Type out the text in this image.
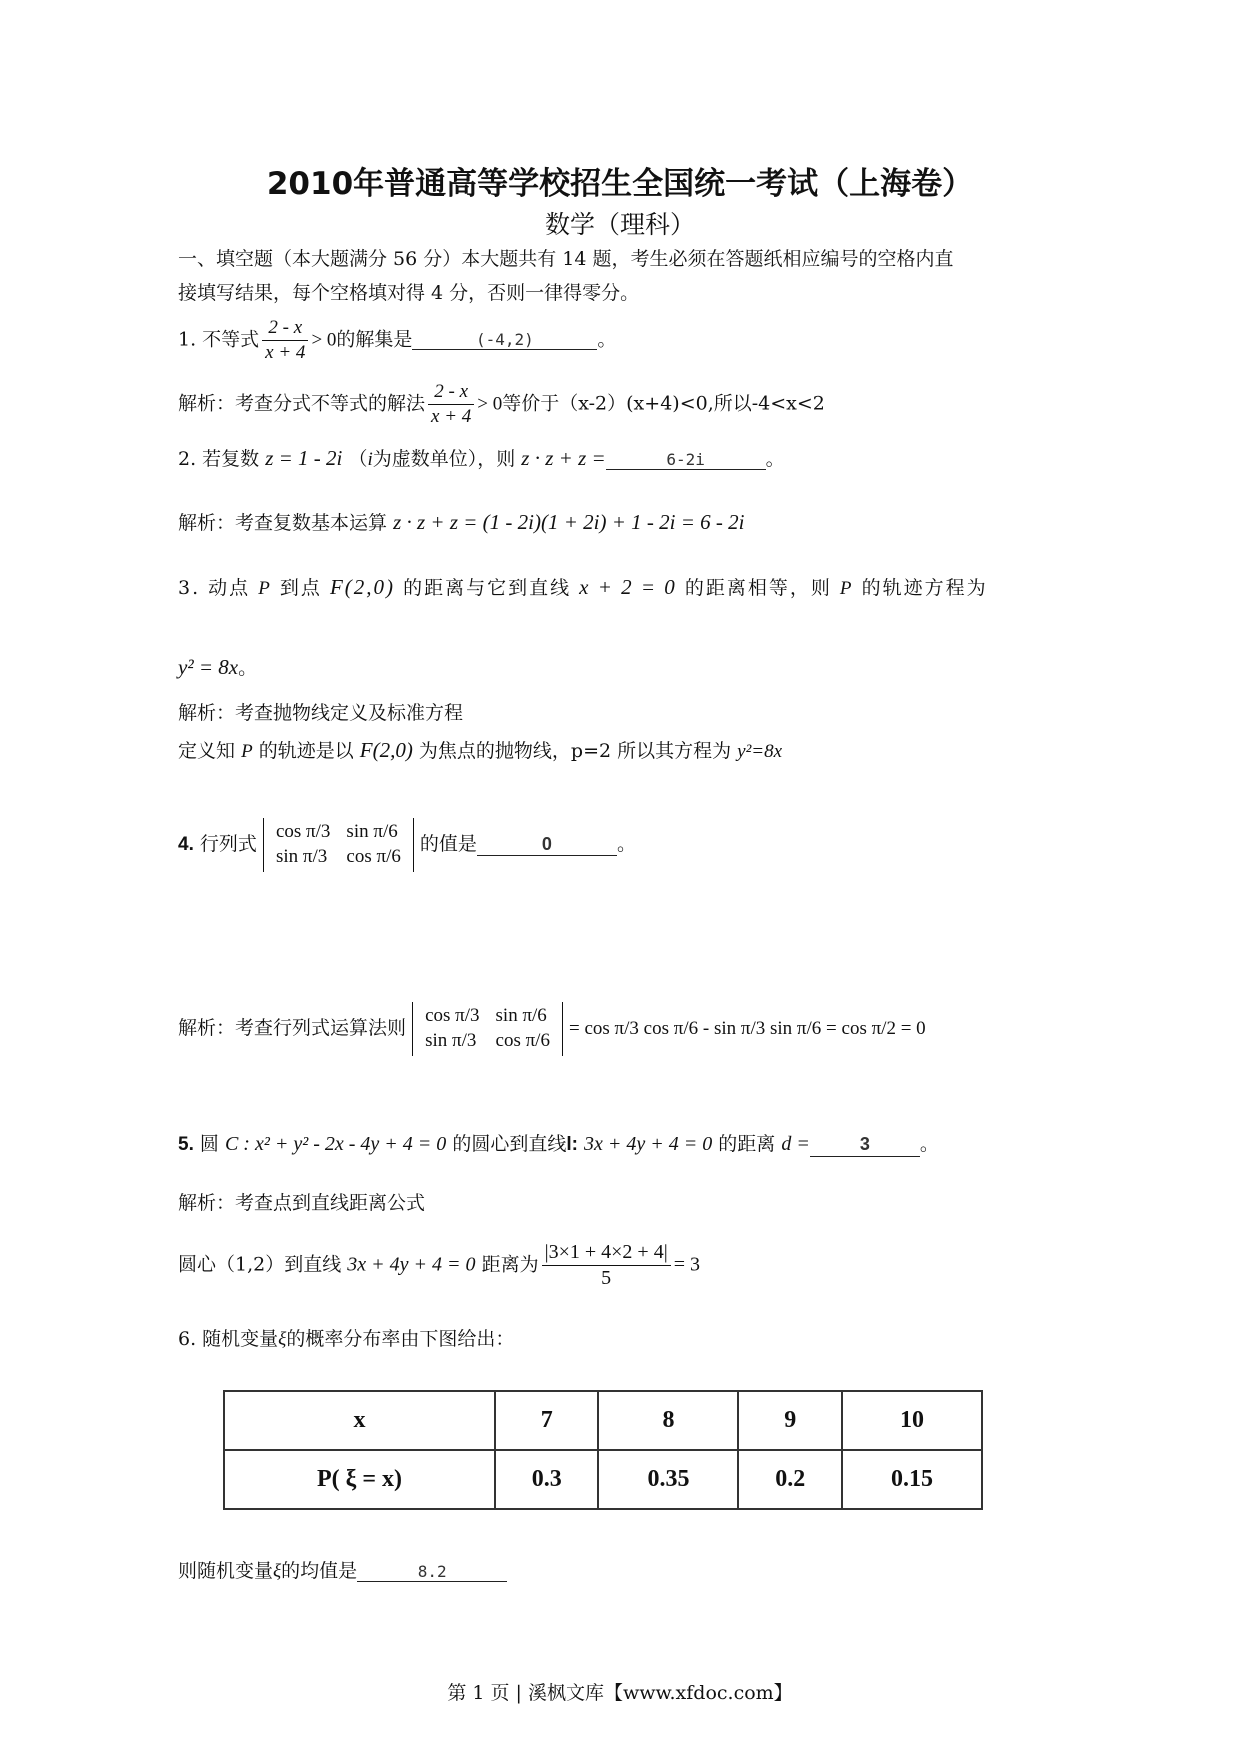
2010年普通高等学校招生全国统一考试（上海卷）
数学（理科）
一、填空题（本大题满分 56 分）本大题共有 14 题，考生必须在答题纸相应编号的空格内直
接填写结果，每个空格填对得 4 分，否则一律得零分。
1. 不等式 $\frac{2 - x}{x + 4} > 0$的解集是	(-4,2)	。
解析：考查分式不等式的解法 $\frac{2 - x}{x + 4} > 0$等价于（x-2）(x+4)<0,所以-4<x<2
2. 若复数 z = 1 - 2i （i为虚数单位），则 z · z + z =	6-2i	。
解析：考查复数基本运算 z · z + z = (1 - 2i)(1 + 2i) + 1 - 2i = 6 - 2i
3. 动点 P 到点 F(2,0) 的距离与它到直线 x + 2 = 0 的距离相等，则 P 的轨迹方程为
y² = 8x。
解析：考查抛物线定义及标准方程
定义知 P 的轨迹是以 F(2,0) 为焦点的抛物线，p=2 所以其方程为 y²=8x
4. 行列式
cos π/3	sin π/6
sin π/3	cos π/6
的值是	0	。
解析：考查行列式运算法则
cos π/3	sin π/6
sin π/3	cos π/6
= cos π/3 cos π/6 - sin π/3 sin π/6 = cos π/2 = 0
5. 圆 C : x² + y² - 2x - 4y + 4 = 0 的圆心到直线l: 3x + 4y + 4 = 0 的距离 d =	3	。
解析：考查点到直线距离公式
圆心（1,2）到直线 3x + 4y + 4 = 0 距离为 $\frac{|3\times 1 + 4\times 2 + 4|}{5} = 3$
6. 随机变量ξ的概率分布率由下图给出：
x	7	8	9	10
P( ξ = x)	0.3	0.35	0.2	0.15
则随机变量ξ的均值是	8.2
第 1 页 | 溪枫文库【www.xfdoc.com】
